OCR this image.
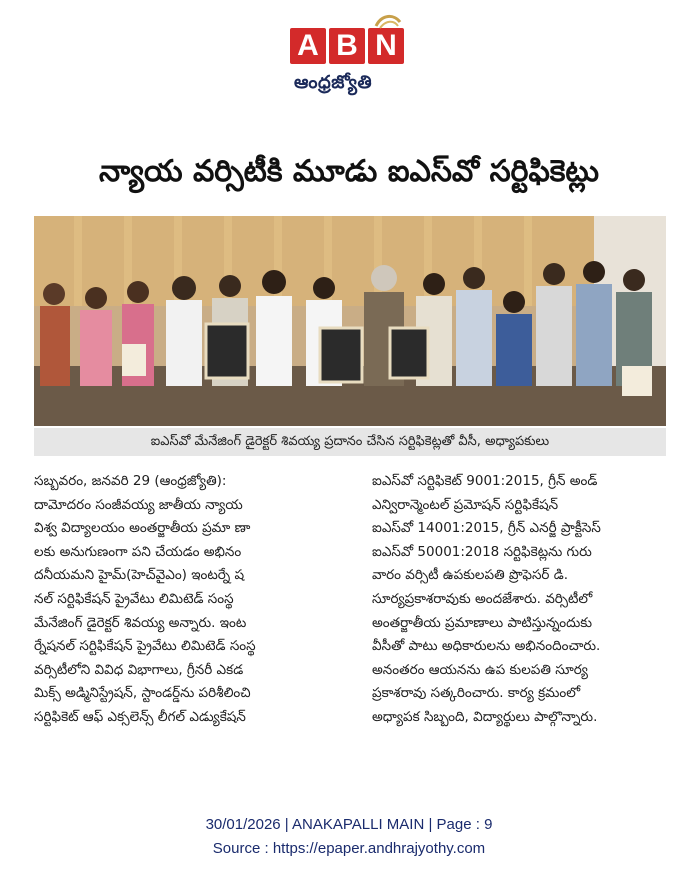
A B N
ఆంధ్రజ్యోతి
న్యాయ వర్సిటీకి మూడు ఐఎస్‌వో సర్టిఫికెట్లు
ఐఎస్‌వో మేనేజింగ్ డైరెక్టర్ శివయ్య ప్రదానం చేసిన సర్టిఫికెట్లతో వీసీ, అధ్యాపకులు
సబ్బవరం, జనవరి 29 (ఆంధ్రజ్యోతి):
దామోదరం సంజీవయ్య జాతీయ న్యాయ
విశ్వ విద్యాలయం అంతర్జాతీయ ప్రమా ణా
లకు అనుగుణంగా పని చేయడం అభినం
దనీయమని హైమ్(హెచ్‌వైఎం) ఇంటర్నే ష
నల్ సర్టిఫికేషన్ ప్రైవేటు లిమిటెడ్ సంస్థ
మేనేజింగ్ డైరెక్టర్ శివయ్య అన్నారు. ఇంట
ర్నేషనల్ సర్టిఫికేషన్ ప్రైవేటు లిమిటెడ్ సంస్థ
వర్సిటీలోని వివిధ విభాగాలు, గ్రీనరీ ఎకడ
మిక్స్ అడ్మినిస్ట్రేషన్, స్టాండర్డ్‌ను పరిశీలించి
సర్టిఫికెట్ ఆఫ్ ఎక్సలెన్స్ లీగల్ ఎడ్యుకేషన్
ఐఎస్‌వో సర్టిఫికెట్ 9001:2015, గ్రీన్ అండ్
ఎన్విరాన్మెంటల్ ప్రమోషన్ సర్టిఫికేషన్
ఐఎస్‌వో 14001:2015, గ్రీన్ ఎనర్జీ ప్రాక్టీసెస్
ఐఎస్‌వో 50001:2018 సర్టిఫికెట్లను గురు
వారం వర్సిటీ ఉపకులపతి ప్రొఫెసర్ డి.
సూర్యప్రకాశరావుకు అందజేశారు. వర్సిటీలో
అంతర్జాతీయ ప్రమాణాలు పాటిస్తున్నందుకు
వీసీతో పాటు అధికారులను అభినందించారు.
అనంతరం ఆయనను ఉప కులపతి సూర్య
ప్రకాశరావు సత్కరించారు. కార్య క్రమంలో
అధ్యాపక సిబ్బంది, విద్యార్థులు పాల్గొన్నారు.
30/01/2026 | ANAKAPALLI MAIN | Page : 9
Source : https://epaper.andhrajyothy.com
